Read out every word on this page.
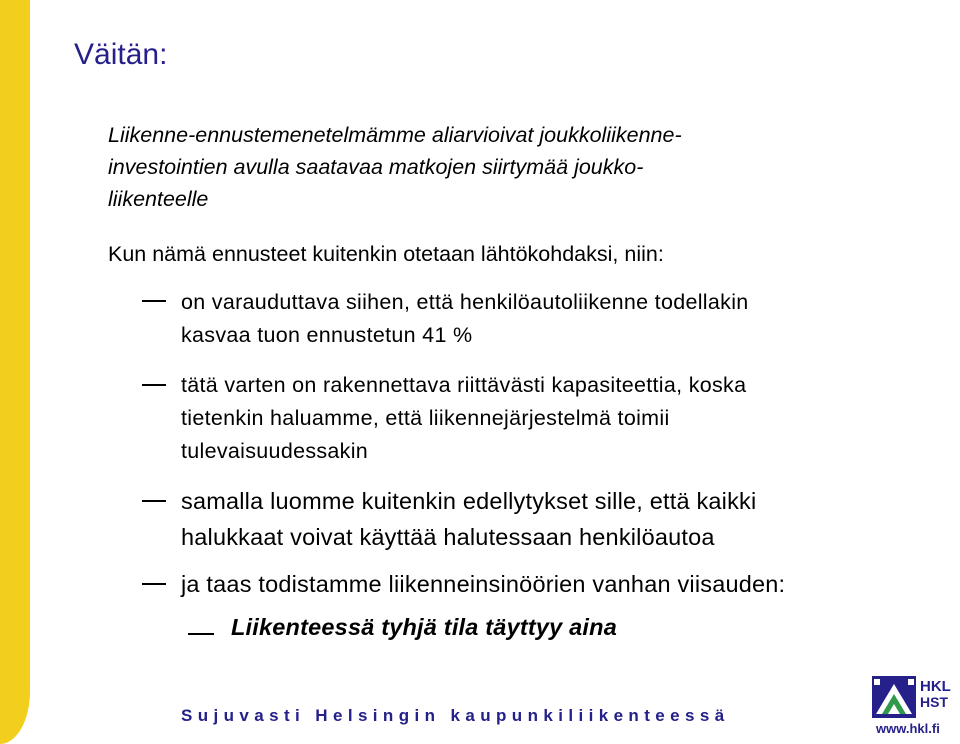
Väitän:

Liikenne-ennustemenetelmämme aliarvioivat joukkoliikenne-
investointien avulla saatavaa matkojen siirtymää joukko-
liikenteelle

Kun nämä ennusteet kuitenkin otetaan lähtökohdaksi, niin:

on varauduttava siihen, että henkilöautoliikenne todellakin
kasvaa tuon ennustetun 41 %

tätä varten on rakennettava riittävästi kapasiteettia, koska
tietenkin haluamme, että liikennejärjestelmä toimii
tulevaisuudessakin

samalla luomme kuitenkin edellytykset sille, että kaikki
halukkaat voivat käyttää halutessaan henkilöautoa

ja taas todistamme liikenneinsinöörien vanhan viisauden:

Liikenteessä tyhjä tila täyttyy aina

Sujuvasti Helsingin kaupunkiliikenteessä

HKL
HST
www.hkl.fi
